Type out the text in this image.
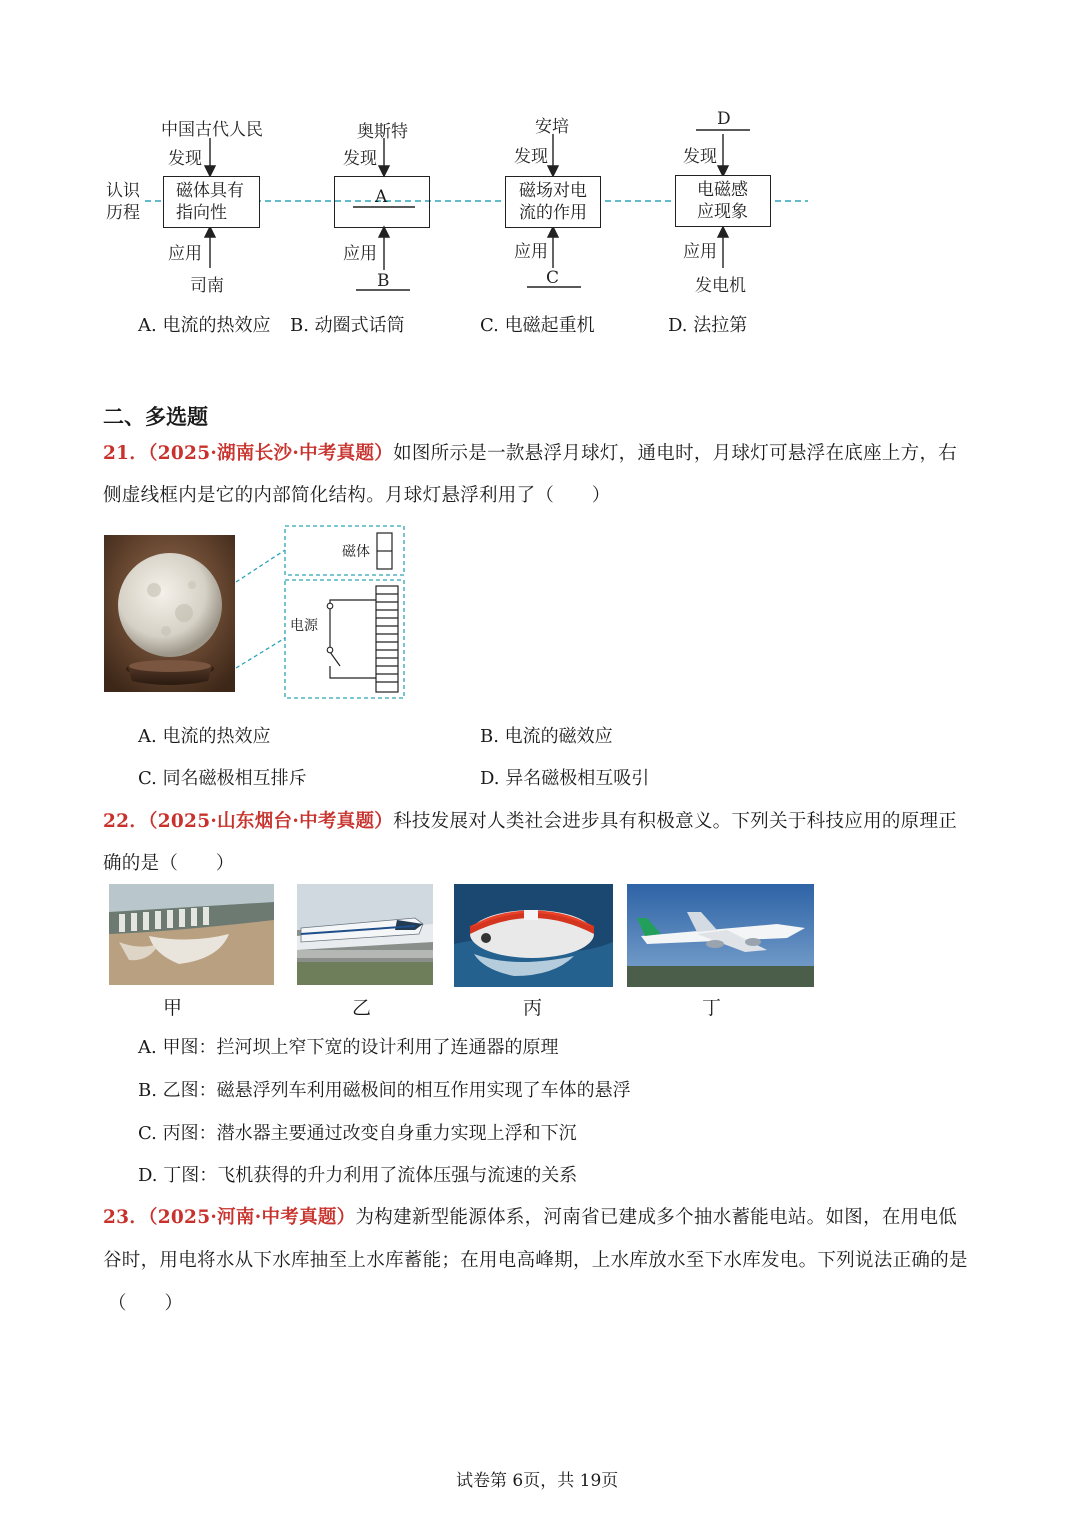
认识
历程
中国古代人民
发现
磁体具有
指向性
应用
司南
奥斯特
发现
A
应用
B
安培
发现
磁场对电
流的作用
应用
C
D
发现
电磁感
应现象
应用
发电机
A. 电流的热效应 B. 动圈式话筒	C. 电磁起重机	D. 法拉第
二、多选题
21．（2025·湖南长沙·中考真题）如图所示是一款悬浮月球灯，通电时，月球灯可悬浮在底座上方，右
侧虚线框内是它的内部简化结构。月球灯悬浮利用了（　　）
磁体
电源
A. 电流的热效应	B. 电流的磁效应
C. 同名磁极相互排斥	D. 异名磁极相互吸引
22．（2025·山东烟台·中考真题）科技发展对人类社会进步具有积极意义。下列关于科技应用的原理正
确的是（　　）
甲	乙	丙	丁
A. 甲图：拦河坝上窄下宽的设计利用了连通器的原理
B. 乙图：磁悬浮列车利用磁极间的相互作用实现了车体的悬浮
C. 丙图：潜水器主要通过改变自身重力实现上浮和下沉
D. 丁图：飞机获得的升力利用了流体压强与流速的关系
23．（2025·河南·中考真题）为构建新型能源体系，河南省已建成多个抽水蓄能电站。如图，在用电低
谷时，用电将水从下水库抽至上水库蓄能；在用电高峰期，上水库放水至下水库发电。下列说法正确的是
（　　）
试卷第 6页，共 19页
